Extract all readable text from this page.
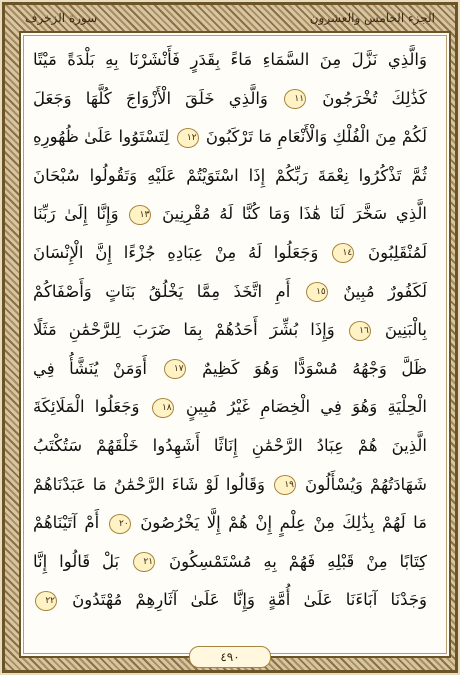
الجزء الخامس والعشرون
سورة الزخرف
وَالَّذِي نَزَّلَ مِنَ السَّمَاءِ مَاءً بِقَدَرٍ فَأَنْشَرْنَا بِهِ بَلْدَةً مَيْتًا
كَذَٰلِكَ تُخْرَجُونَ ١١ وَالَّذِي خَلَقَ الْأَزْوَاجَ كُلَّهَا وَجَعَلَ
لَكُمْ مِنَ الْفُلْكِ وَالْأَنْعَامِ مَا تَرْكَبُونَ ١٢ لِتَسْتَوُوا عَلَىٰ ظُهُورِهِ
ثُمَّ تَذْكُرُوا نِعْمَةَ رَبِّكُمْ إِذَا اسْتَوَيْتُمْ عَلَيْهِ وَتَقُولُوا سُبْحَانَ
الَّذِي سَخَّرَ لَنَا هَٰذَا وَمَا كُنَّا لَهُ مُقْرِنِينَ ١٣ وَإِنَّا إِلَىٰ رَبِّنَا
لَمُنْقَلِبُونَ ١٤ وَجَعَلُوا لَهُ مِنْ عِبَادِهِ جُزْءًا إِنَّ الْإِنْسَانَ
لَكَفُورٌ مُبِينٌ ١٥ أَمِ اتَّخَذَ مِمَّا يَخْلُقُ بَنَاتٍ وَأَصْفَاكُمْ
بِالْبَنِينَ ١٦ وَإِذَا بُشِّرَ أَحَدُهُمْ بِمَا ضَرَبَ لِلرَّحْمَٰنِ مَثَلًا
ظَلَّ وَجْهُهُ مُسْوَدًّا وَهُوَ كَظِيمٌ ١٧ أَوَمَنْ يُنَشَّأُ فِي
الْحِلْيَةِ وَهُوَ فِي الْخِصَامِ غَيْرُ مُبِينٍ ١٨ وَجَعَلُوا الْمَلَائِكَةَ
الَّذِينَ هُمْ عِبَادُ الرَّحْمَٰنِ إِنَاثًا أَشَهِدُوا خَلْقَهُمْ سَتُكْتَبُ
شَهَادَتُهُمْ وَيُسْأَلُونَ ١٩ وَقَالُوا لَوْ شَاءَ الرَّحْمَٰنُ مَا عَبَدْنَاهُمْ
مَا لَهُمْ بِذَٰلِكَ مِنْ عِلْمٍ إِنْ هُمْ إِلَّا يَخْرُصُونَ ٢٠ أَمْ آتَيْنَاهُمْ
كِتَابًا مِنْ قَبْلِهِ فَهُمْ بِهِ مُسْتَمْسِكُونَ ٢١ بَلْ قَالُوا إِنَّا
وَجَدْنَا آبَاءَنَا عَلَىٰ أُمَّةٍ وَإِنَّا عَلَىٰ آثَارِهِمْ مُهْتَدُونَ ٢٢
٤٩٠
